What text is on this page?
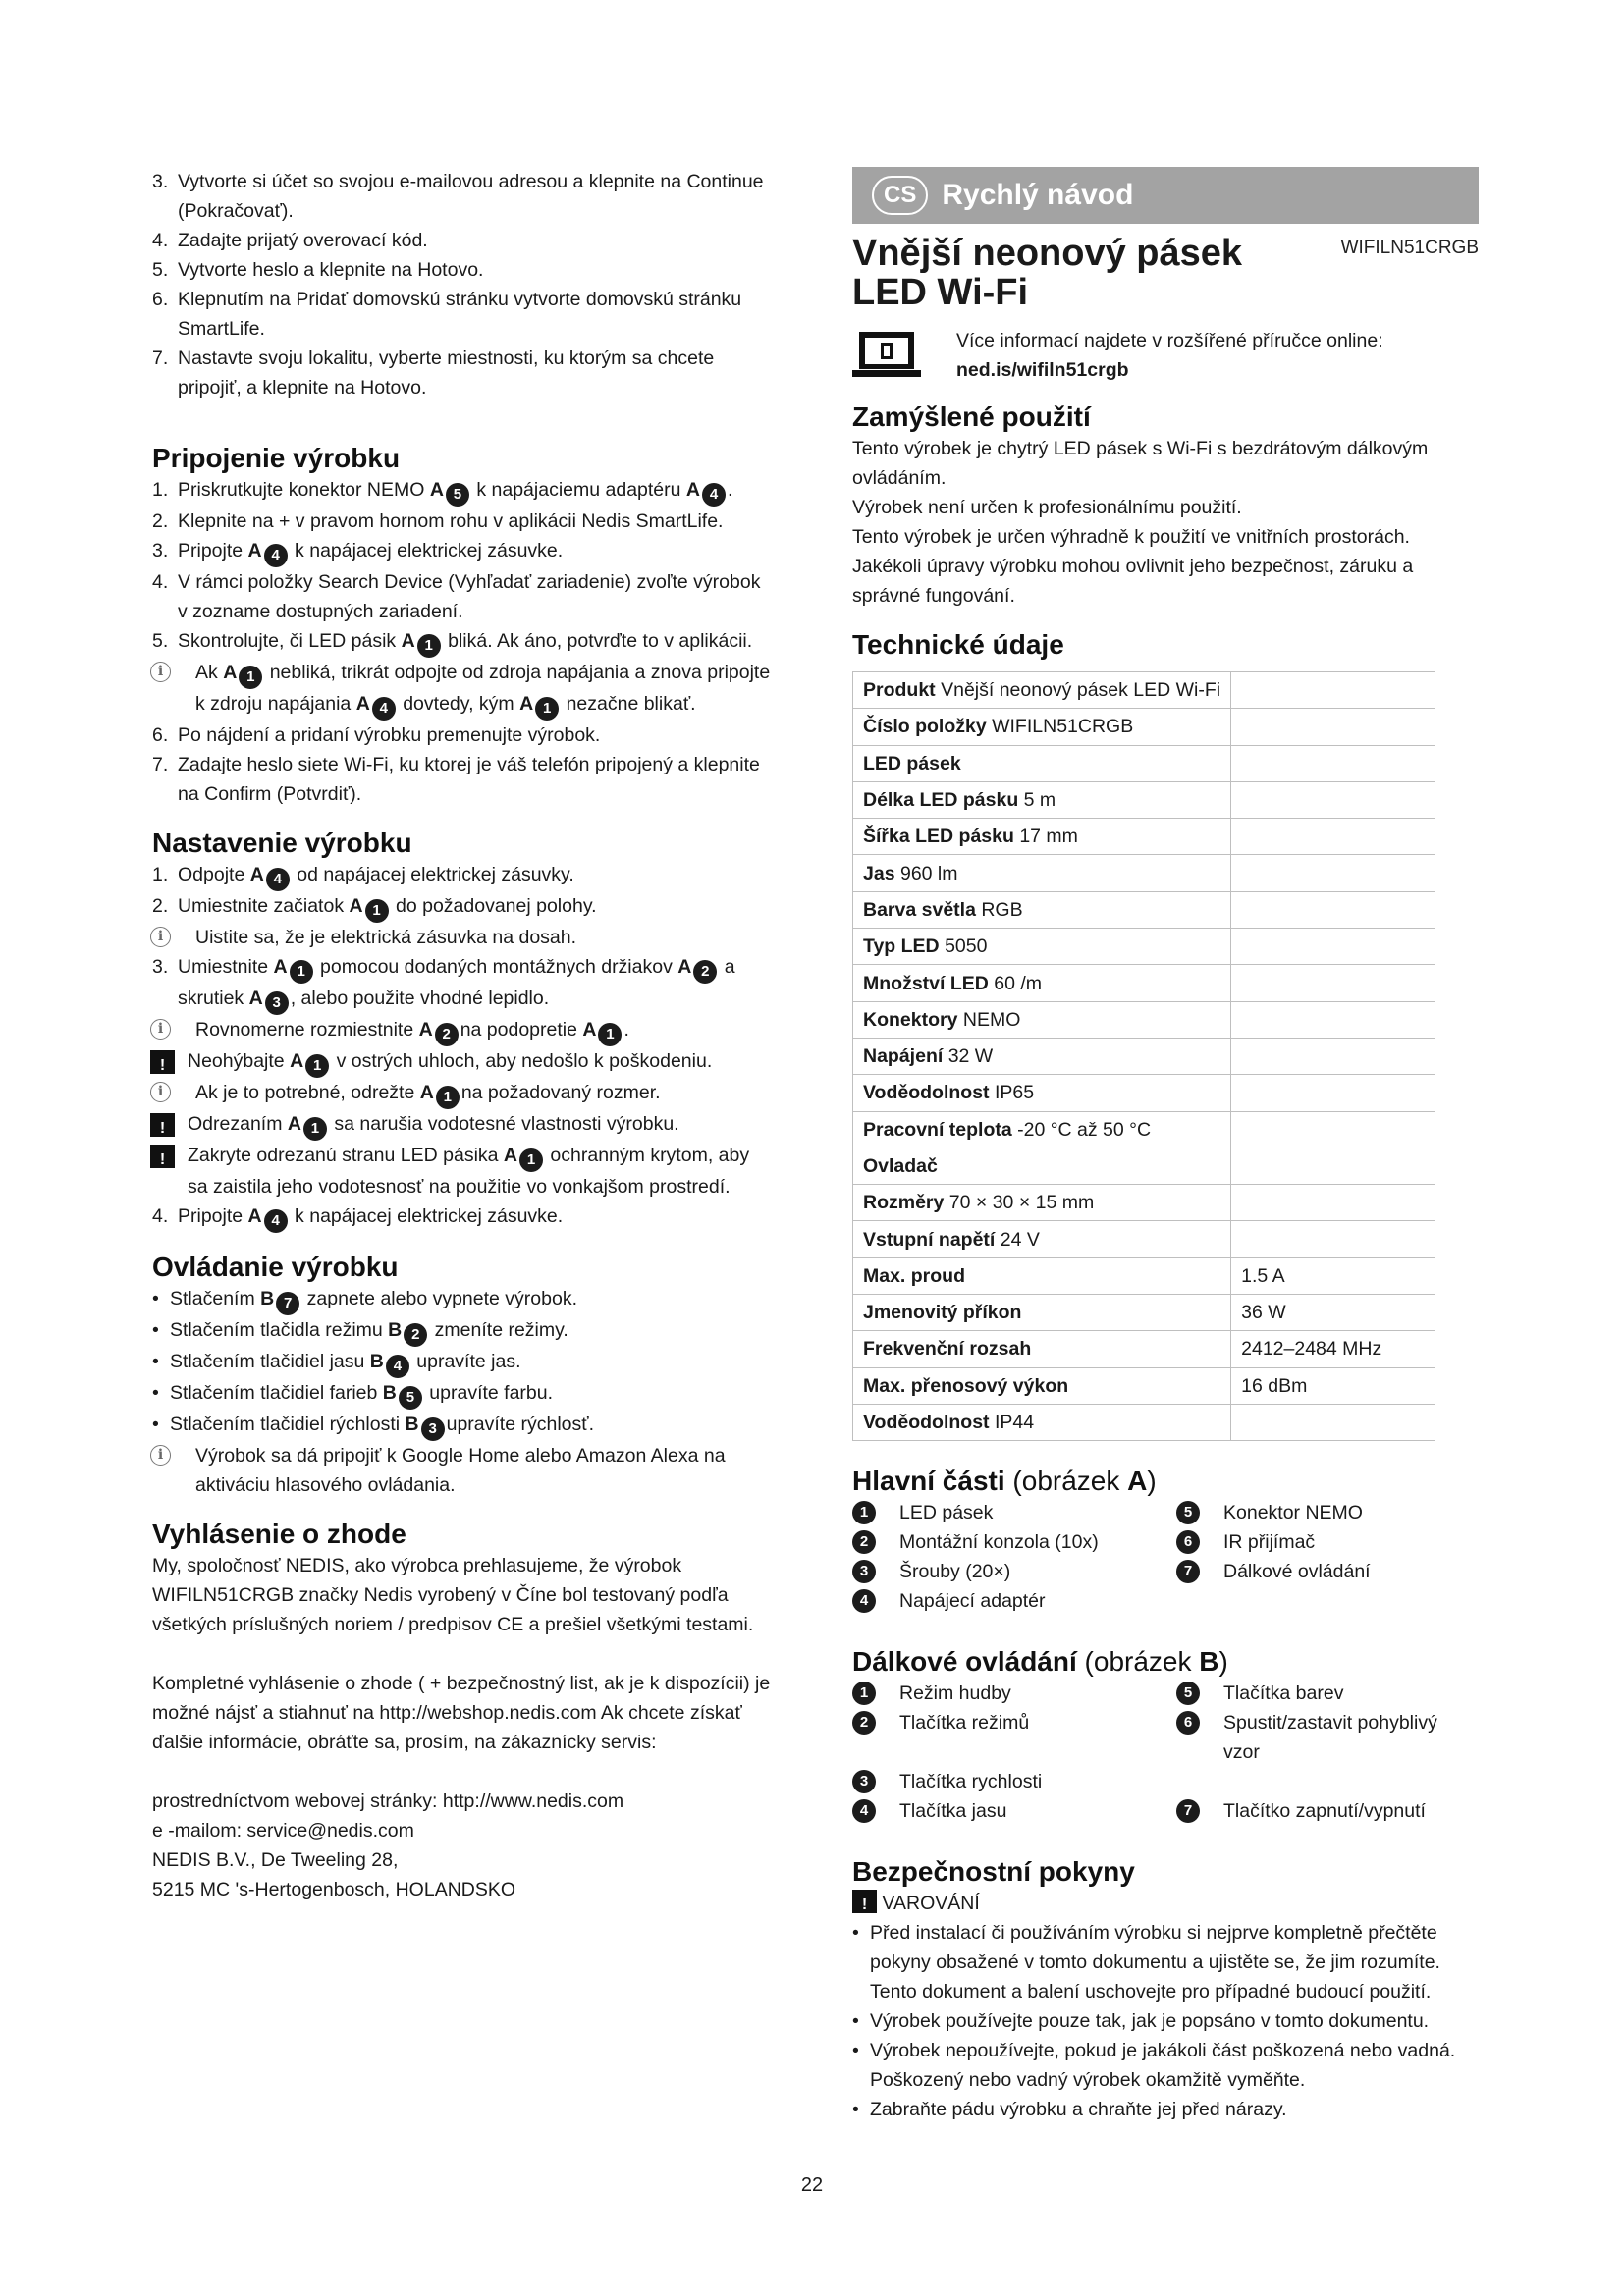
3. Vytvorte si účet so svojou e-mailovou adresou a klepnite na Continue (Pokračovať).
4. Zadajte prijatý overovací kód.
5. Vytvorte heslo a klepnite na Hotovo.
6. Klepnutím na Pridať domovskú stránku vytvorte domovskú stránku SmartLife.
7. Nastavte svoju lokalitu, vyberte miestnosti, ku ktorým sa chcete pripojiť, a klepnite na Hotovo.
Pripojenie výrobku
1. Priskrutkujte konektor NEMO A 5 k napájaciemu adaptéru A 4 .
2. Klepnite na + v pravom hornom rohu v aplikácii Nedis SmartLife.
3. Pripojte A 4 k napájacej elektrickej zásuvke.
4. V rámci položky Search Device (Vyhľadať zariadenie) zvoľte výrobok v zozname dostupných zariadení.
5. Skontrolujte, či LED pásik A 1 bliká. Ak áno, potvrďte to v aplikácii.
i	Ak A 1 nebliká, trikrát odpojte od zdroja napájania a znova pripojte k zdroju napájania A 4 dovtedy, kým A 1 nezačne blikať.
6. Po nájdení a pridaní výrobku premenujte výrobok.
7. Zadajte heslo siete Wi-Fi, ku ktorej je váš telefón pripojený a klepnite na Confirm (Potvrdiť).
Nastavenie výrobku
1. Odpojte A 4 od napájacej elektrickej zásuvky.
2. Umiestnite začiatok A 1 do požadovanej polohy.
i	Uistite sa, že je elektrická zásuvka na dosah.
3. Umiestnite A 1 pomocou dodaných montážnych držiakov A 2 a skrutiek A 3 , alebo použite vhodné lepidlo.
i	Rovnomerne rozmiestnite A 2 na podopretie A 1 .
!
Neohýbajte A 1 v ostrých uhloch, aby nedošlo k poškodeniu.
i	Ak je to potrebné, odrežte A 1 na požadovaný rozmer.
!
Odrezaním A 1 sa narušia vodotesné vlastnosti výrobku.
!
Zakryte odrezanú stranu LED pásika A 1 ochranným krytom, aby sa zaistila jeho vodotesnosť na použitie vo vonkajšom prostredí.
4. Pripojte A 4 k napájacej elektrickej zásuvke.
Ovládanie výrobku
• Stlačením B 7 zapnete alebo vypnete výrobok.
• Stlačením tlačidla režimu B 2 zmeníte režimy.
• Stlačením tlačidiel jasu B 4 upravíte jas.
• Stlačením tlačidiel farieb B 5 upravíte farbu.
• Stlačením tlačidiel rýchlosti B 3 upravíte rýchlosť.
i	Výrobok sa dá pripojiť k Google Home alebo Amazon Alexa na aktiváciu hlasového ovládania.
Vyhlásenie o zhode

My, spoločnosť NEDIS, ako výrobca prehlasujeme, že výrobok WIFILN51CRGB značky Nedis vyrobený v Číne bol testovaný podľa všetkých príslušných noriem / predpisov CE a prešiel všetkými testami.

Kompletné vyhlásenie o zhode ( + bezpečnostný list, ak je k dispozícii) je možné nájsť a stiahnuť na http://webshop.nedis.com Ak chcete získať ďalšie informácie, obráťte sa, prosím, na zákaznícky servis:

prostredníctvom webovej stránky: http://www.nedis.com

e -mailom: service@nedis.com

NEDIS B.V., De Tweeling 28,

5215 MC 's-Hertogenbosch, HOLANDSKO

CS Rychlý návod
Vnější neonový pásek LED Wi-Fi
WIFILN51CRGB
Více informací najdete v rozšířené příručce online:
ned.is/wifiln51crgb
Zamýšlené použití

Tento výrobek je chytrý LED pásek s Wi-Fi s bezdrátovým dálkovým ovládáním.

Výrobek není určen k profesionálnímu použití.

Tento výrobek je určen výhradně k použití ve vnitřních prostorách.

Jakékoli úpravy výrobku mohou ovlivnit jeho bezpečnost, záruku a správné fungování.

Technické údaje
Produkt Vnější neonový pásek LED Wi-Fi	
Číslo položky WIFILN51CRGB	
LED pásek	
Délka LED pásku 5 m	
Šířka LED pásku 17 mm	
Jas 960 lm	
Barva světla RGB	
Typ LED 5050	
Množství LED 60 /m	
Konektory NEMO	
Napájení 32 W	
Voděodolnost IP65	
Pracovní teplota -20 °C až 50 °C	
Ovladač	
Rozměry 70 × 30 × 15 mm	
Vstupní napětí 24 V	
Max. proud	1.5 A
Jmenovitý příkon	36 W
Frekvenční rozsah	2412–2484 MHz
Max. přenosový výkon	16 dBm
Voděodolnost IP44	
Hlavní části (obrázek A)
1	LED pásek	5	Konektor NEMO
2	Montážní konzola (10x)	6	IR přijímač
3	Šrouby (20×)	7	Dálkové ovládání
4	Napájecí adaptér
Dálkové ovládání (obrázek B)
1	Režim hudby	5	Tlačítka barev
2	Tlačítka režimů	6	Spustit/zastavit pohyblivý vzor
3	Tlačítka rychlosti
4	Tlačítka jasu	7	Tlačítko zapnutí/vypnutí
Bezpečnostní pokyny
! VAROVÁNÍ
• Před instalací či používáním výrobku si nejprve kompletně přečtěte pokyny obsažené v tomto dokumentu a ujistěte se, že jim rozumíte. Tento dokument a balení uschovejte pro případné budoucí použití.
• Výrobek používejte pouze tak, jak je popsáno v tomto dokumentu.
• Výrobek nepoužívejte, pokud je jakákoli část poškozená nebo vadná. Poškozený nebo vadný výrobek okamžitě vyměňte.
• Zabraňte pádu výrobku a chraňte jej před nárazy.
22
